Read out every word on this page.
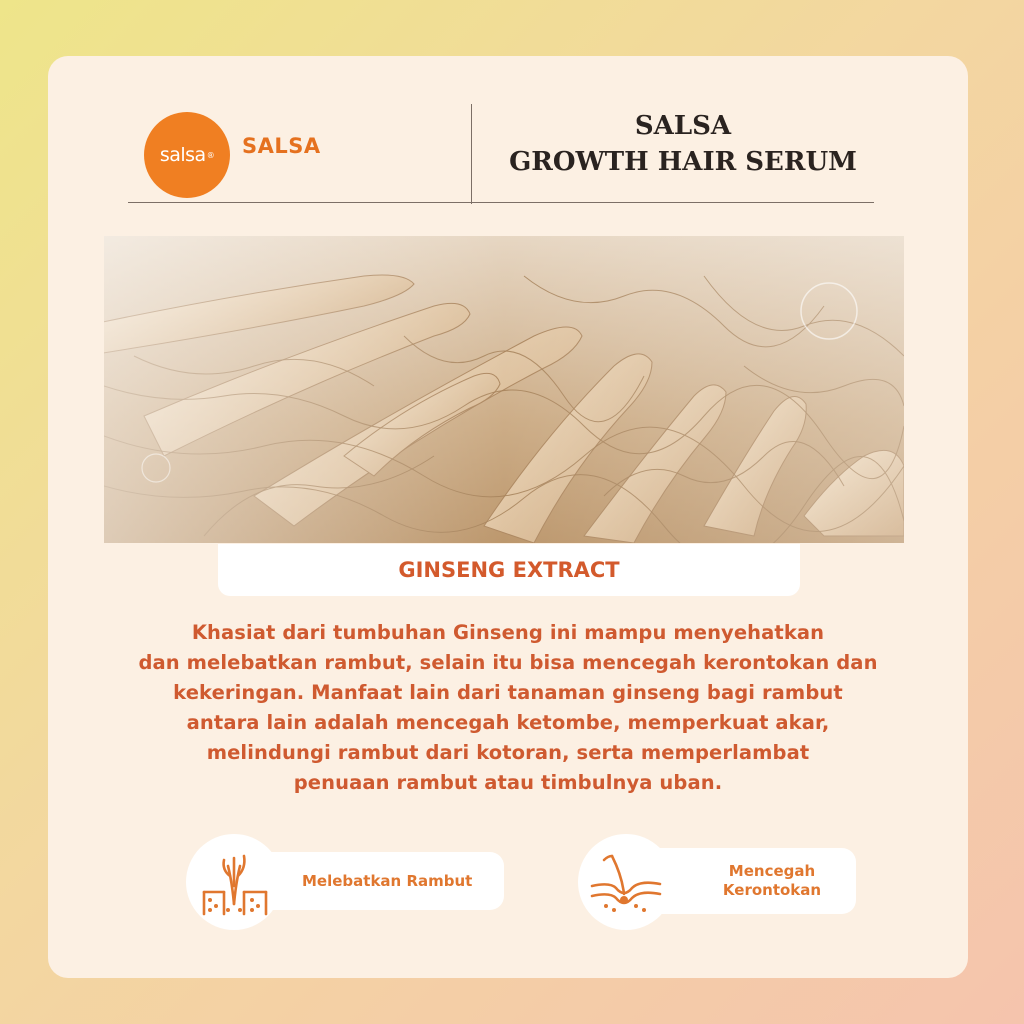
salsa ® SALSA
SALSA
GROWTH HAIR SERUM
GINSENG EXTRACT
Khasiat dari tumbuhan Ginseng ini mampu menyehatkan
dan melebatkan rambut, selain itu bisa mencegah kerontokan dan
kekeringan. Manfaat lain dari tanaman ginseng bagi rambut
antara lain adalah mencegah ketombe, memperkuat akar,
melindungi rambut dari kotoran, serta memperlambat
penuaan rambut atau timbulnya uban.
Melebatkan Rambut
Mencegah
Kerontokan
